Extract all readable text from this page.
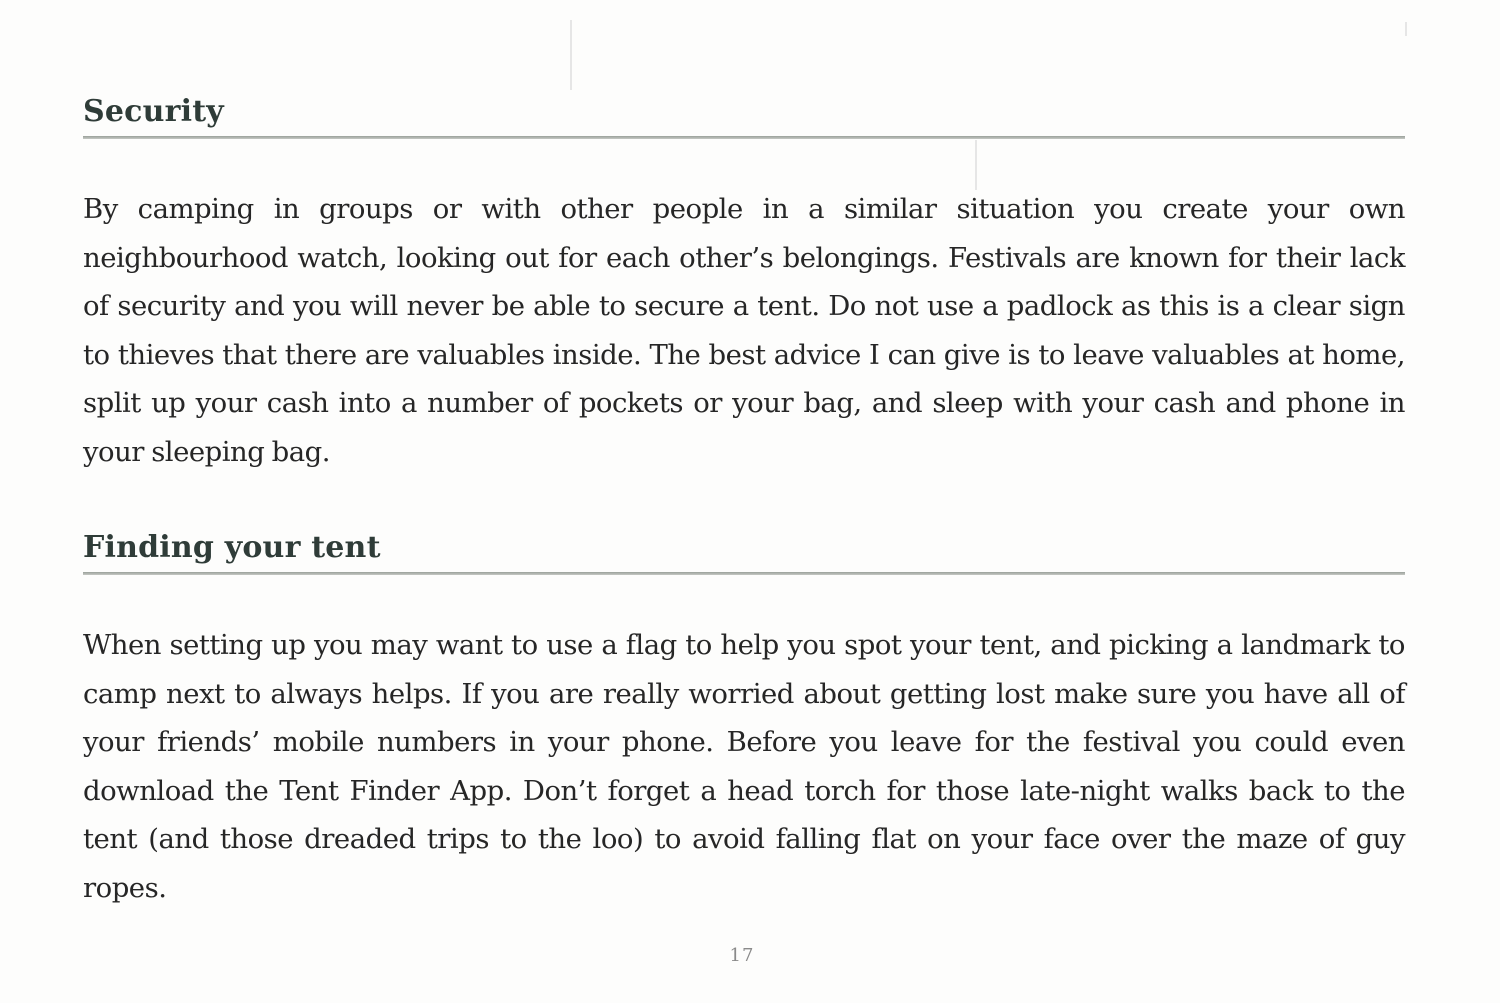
Security

By camping in groups or with other people in a similar situation you create your own neighbourhood watch, looking out for each other’s belongings. Festivals are known for their lack of security and you will never be able to secure a tent. Do not use a padlock as this is a clear sign to thieves that there are valuables inside. The best advice I can give is to leave valuables at home, split up your cash into a number of pockets or your bag, and sleep with your cash and phone in your sleeping bag.

Finding your tent

When setting up you may want to use a flag to help you spot your tent, and picking a landmark to camp next to always helps. If you are really worried about getting lost make sure you have all of your friends’ mobile numbers in your phone. Before you leave for the festival you could even download the Tent Finder App. Don’t forget a head torch for those late-night walks back to the tent (and those dreaded trips to the loo) to avoid falling flat on your face over the maze of guy ropes.

17
